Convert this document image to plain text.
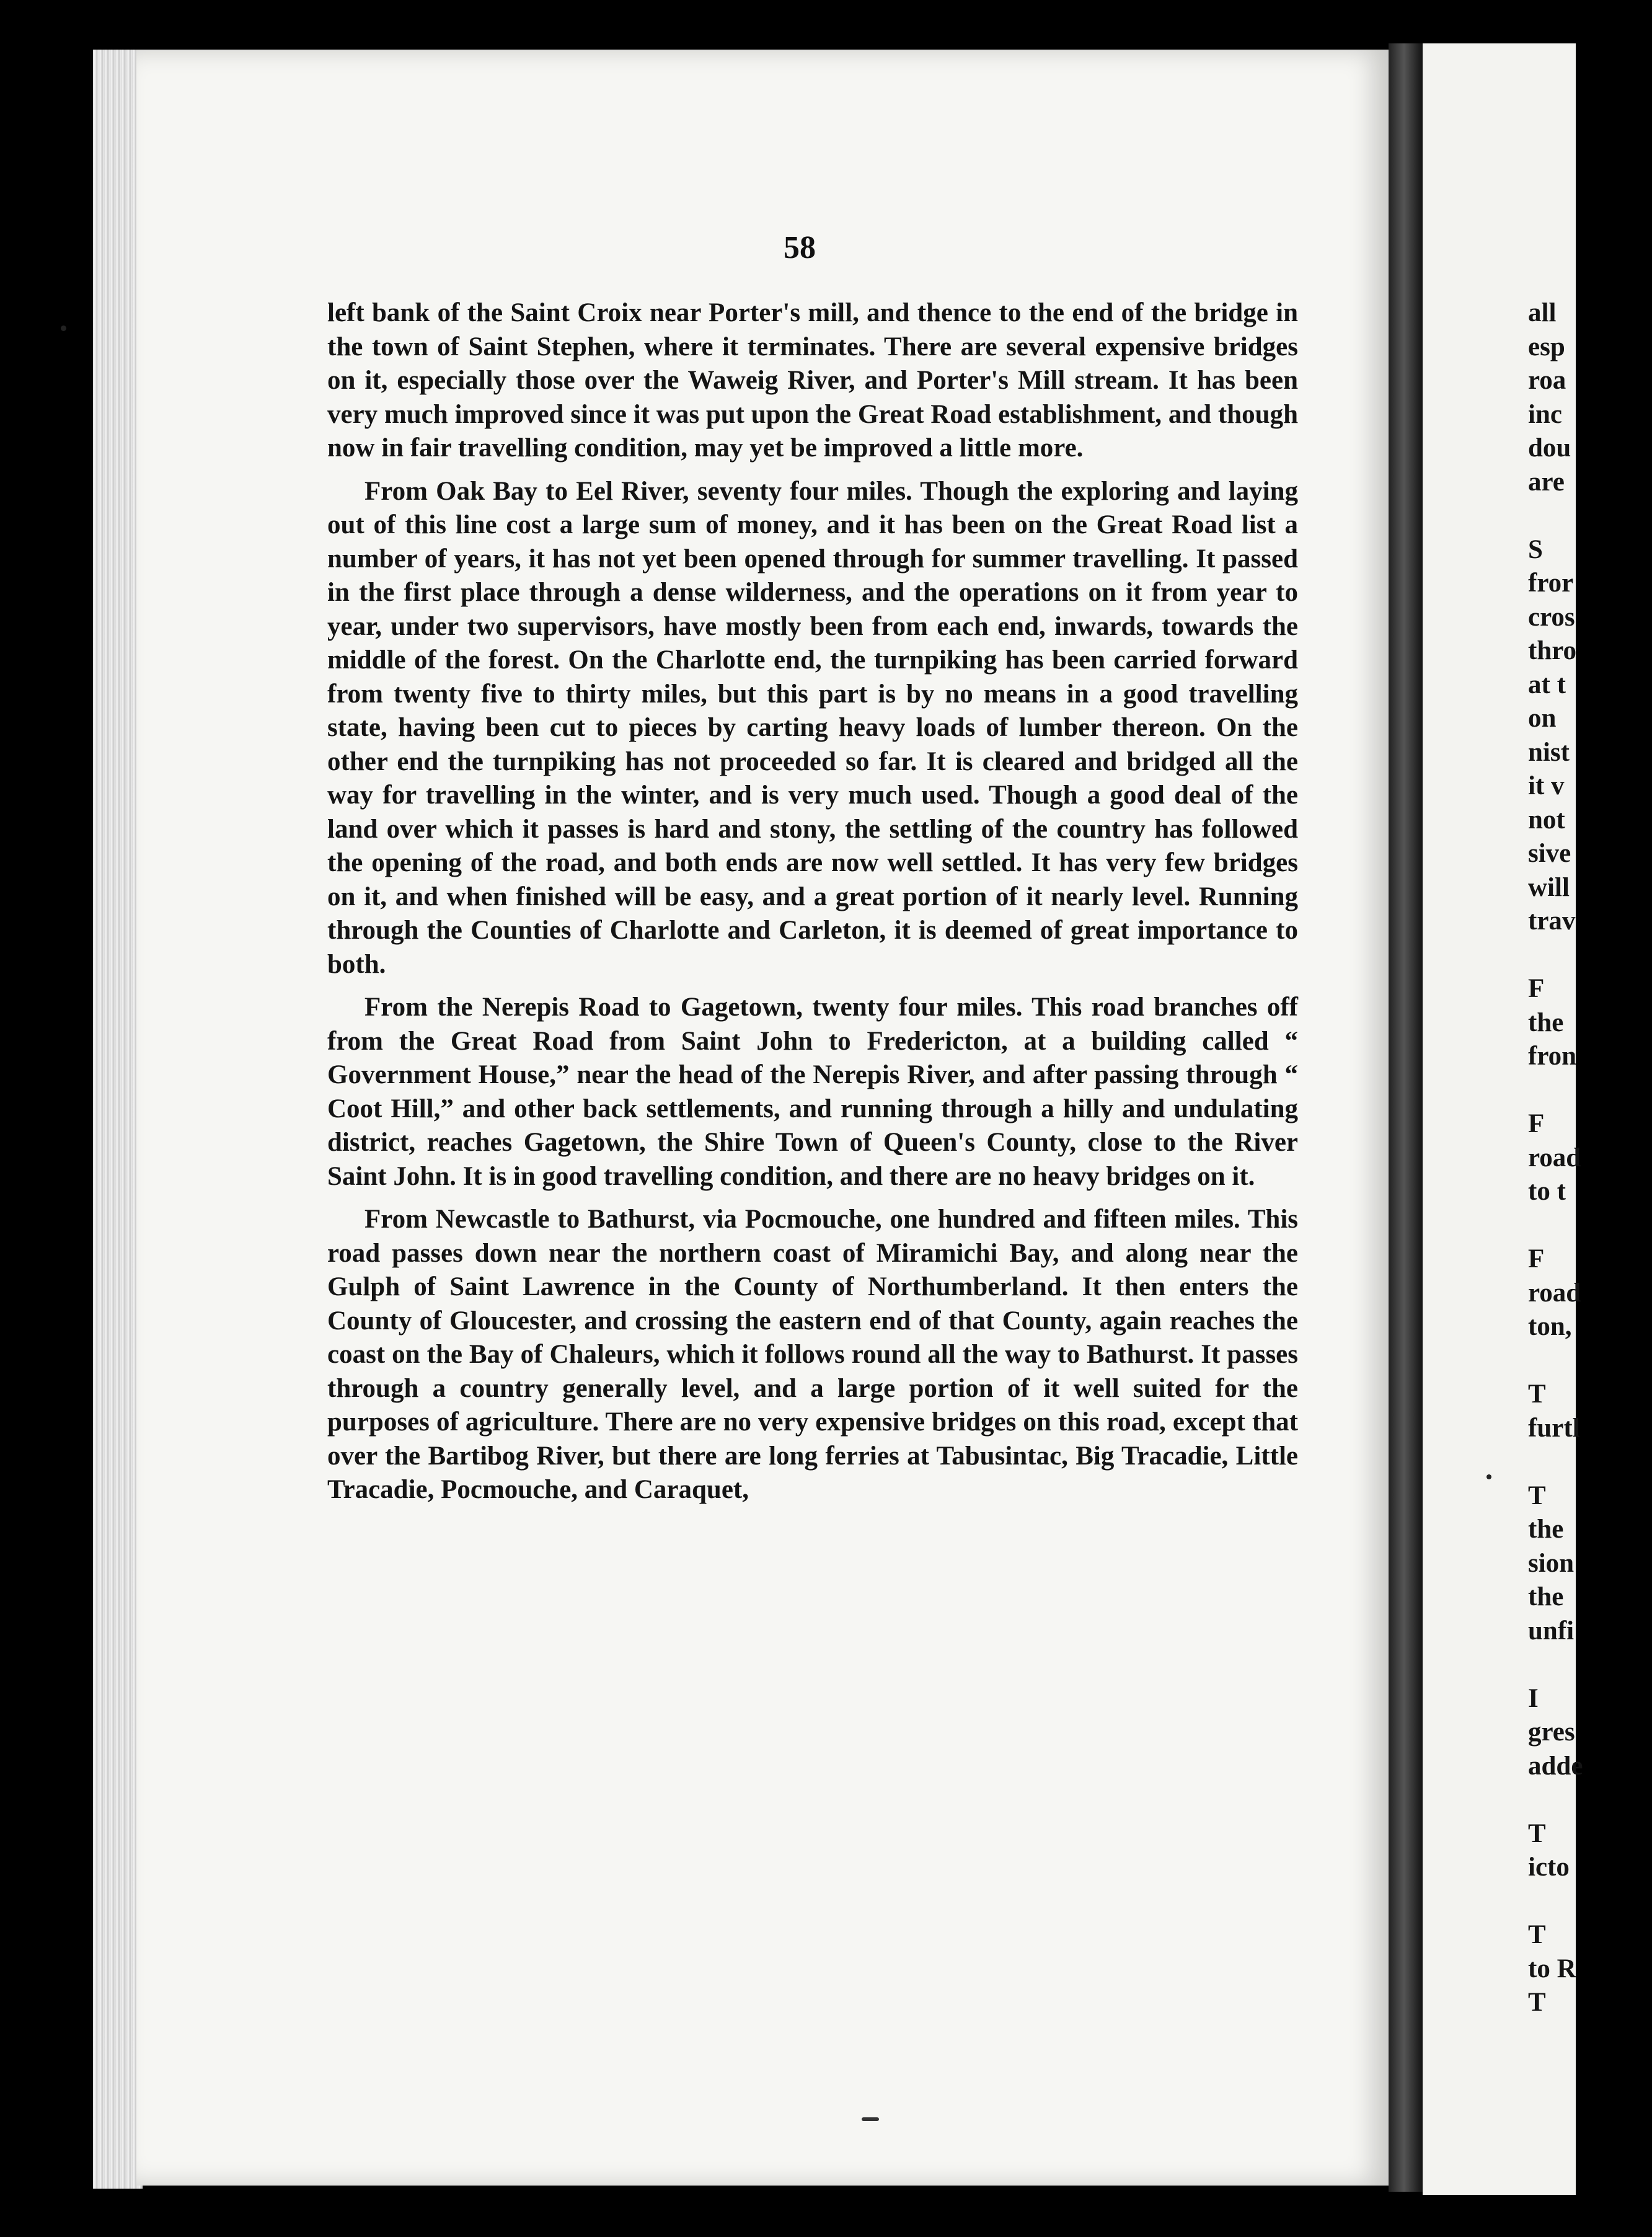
58

left bank of the Saint Croix near Porter's mill, and thence to the end of the bridge in the town of Saint Stephen, where it terminates. There are several expensive bridges on it, especially those over the Waweig River, and Porter's Mill stream. It has been very much improved since it was put upon the Great Road establishment, and though now in fair travelling condition, may yet be improved a little more.

From Oak Bay to Eel River, seventy four miles. Though the exploring and laying out of this line cost a large sum of money, and it has been on the Great Road list a number of years, it has not yet been opened through for summer travelling. It passed in the first place through a dense wilderness, and the operations on it from year to year, under two supervisors, have mostly been from each end, inwards, towards the middle of the forest. On the Charlotte end, the turnpiking has been carried forward from twenty five to thirty miles, but this part is by no means in a good travelling state, having been cut to pieces by carting heavy loads of lumber thereon. On the other end the turnpiking has not proceeded so far. It is cleared and bridged all the way for travelling in the winter, and is very much used. Though a good deal of the land over which it passes is hard and stony, the settling of the country has followed the opening of the road, and both ends are now well settled. It has very few bridges on it, and when finished will be easy, and a great portion of it nearly level. Running through the Counties of Charlotte and Carleton, it is deemed of great importance to both.

From the Nerepis Road to Gagetown, twenty four miles. This road branches off from the Great Road from Saint John to Fredericton, at a building called “ Government House,” near the head of the Nerepis River, and after passing through “ Coot Hill,” and other back settlements, and running through a hilly and undulating district, reaches Gagetown, the Shire Town of Queen's County, close to the River Saint John. It is in good travelling condition, and there are no heavy bridges on it.

From Newcastle to Bathurst, via Pocmouche, one hundred and fifteen miles. This road passes down near the northern coast of Miramichi Bay, and along near the Gulph of Saint Lawrence in the County of Northumberland. It then enters the County of Gloucester, and crossing the eastern end of that County, again reaches the coast on the Bay of Chaleurs, which it follows round all the way to Bathurst. It passes through a country generally level, and a large portion of it well suited for the purposes of agriculture. There are no very expensive bridges on this road, except that over the Bartibog River, but there are long ferries at Tabusintac, Big Tracadie, Little Tracadie, Pocmouche, and Caraquet,

all
esp
roa
inc
dou
are
S
fror
cros
thro
at t
on
nist
it v
not
sive
will
trav
F
the
fron
F
road
to t
F
road
ton,
T
furtl
T
the
sion
the
unfi
I
gres
adde
T
icto
T
to R
T
